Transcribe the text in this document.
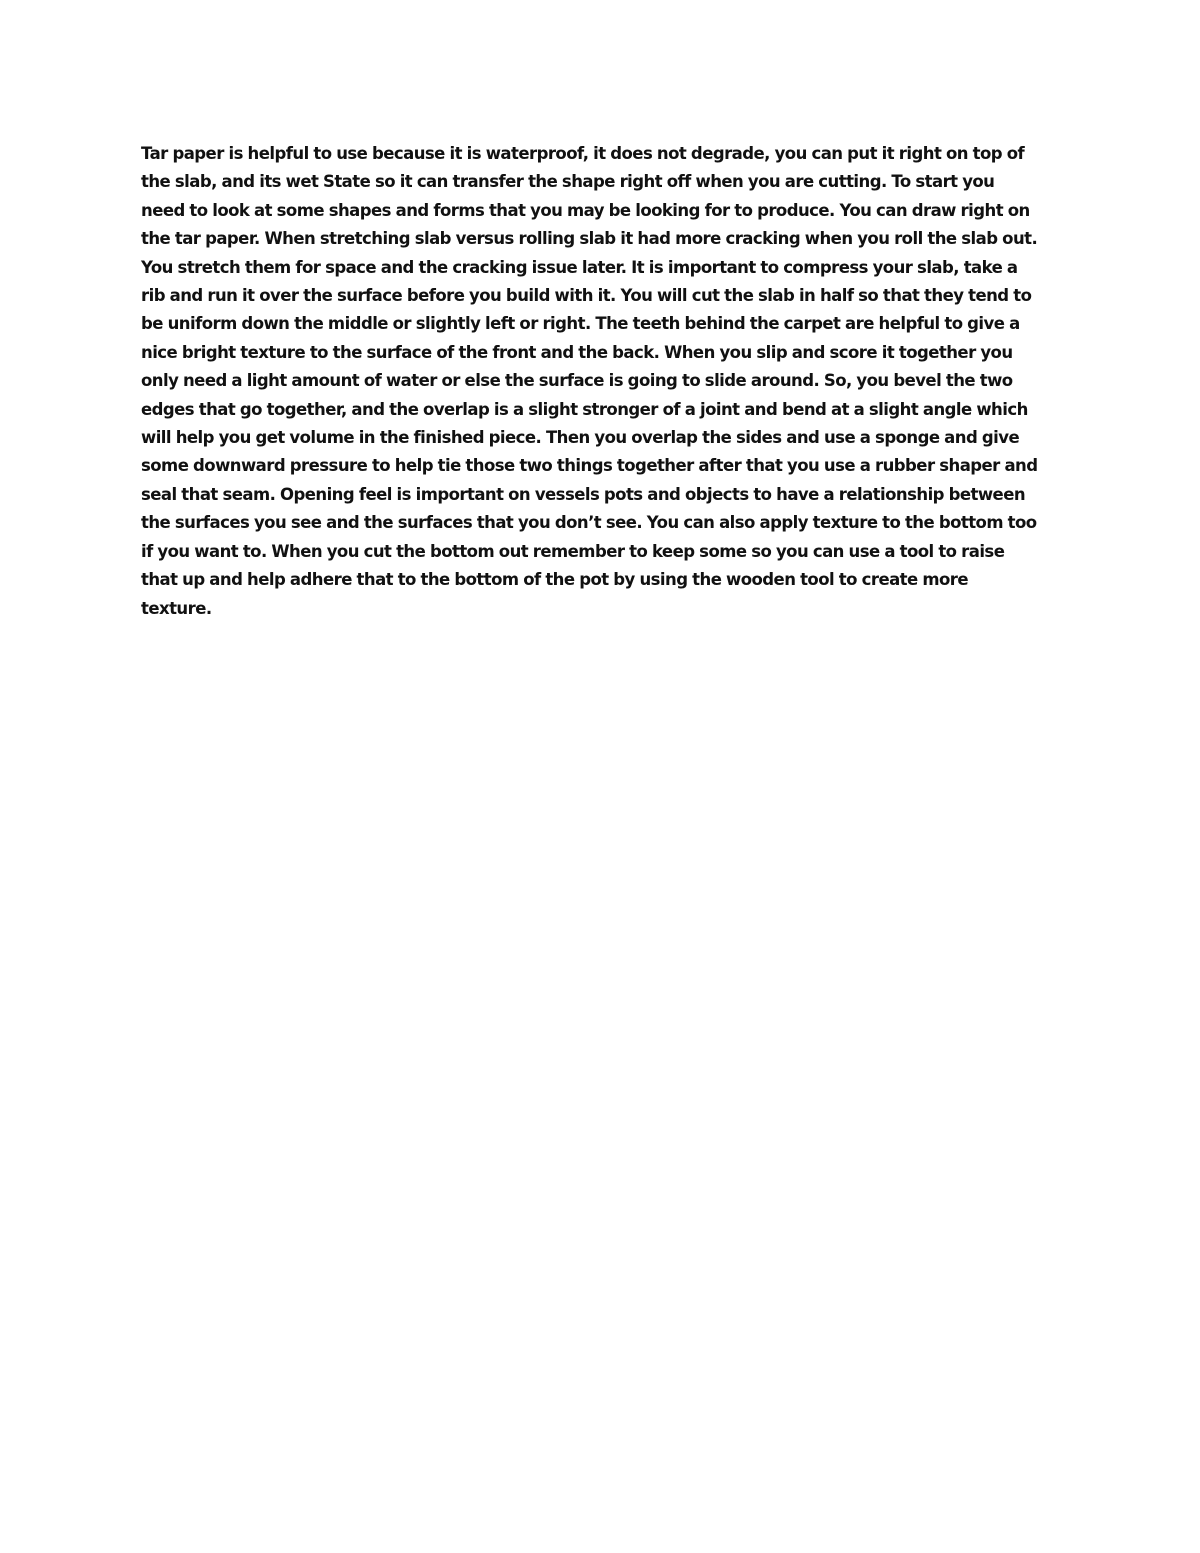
Tar paper is helpful to use because it is waterproof, it does not degrade, you can put it right on top of
the slab, and its wet State so it can transfer the shape right off when you are cutting. To start you
need to look at some shapes and forms that you may be looking for to produce. You can draw right on
the tar paper. When stretching slab versus rolling slab it had more cracking when you roll the slab out.
You stretch them for space and the cracking issue later. It is important to compress your slab, take a
rib and run it over the surface before you build with it. You will cut the slab in half so that they tend to
be uniform down the middle or slightly left or right. The teeth behind the carpet are helpful to give a
nice bright texture to the surface of the front and the back. When you slip and score it together you
only need a light amount of water or else the surface is going to slide around. So, you bevel the two
edges that go together, and the overlap is a slight stronger of a joint and bend at a slight angle which
will help you get volume in the finished piece. Then you overlap the sides and use a sponge and give
some downward pressure to help tie those two things together after that you use a rubber shaper and
seal that seam. Opening feel is important on vessels pots and objects to have a relationship between
the surfaces you see and the surfaces that you don’t see. You can also apply texture to the bottom too
if you want to. When you cut the bottom out remember to keep some so you can use a tool to raise
that up and help adhere that to the bottom of the pot by using the wooden tool to create more
texture.
